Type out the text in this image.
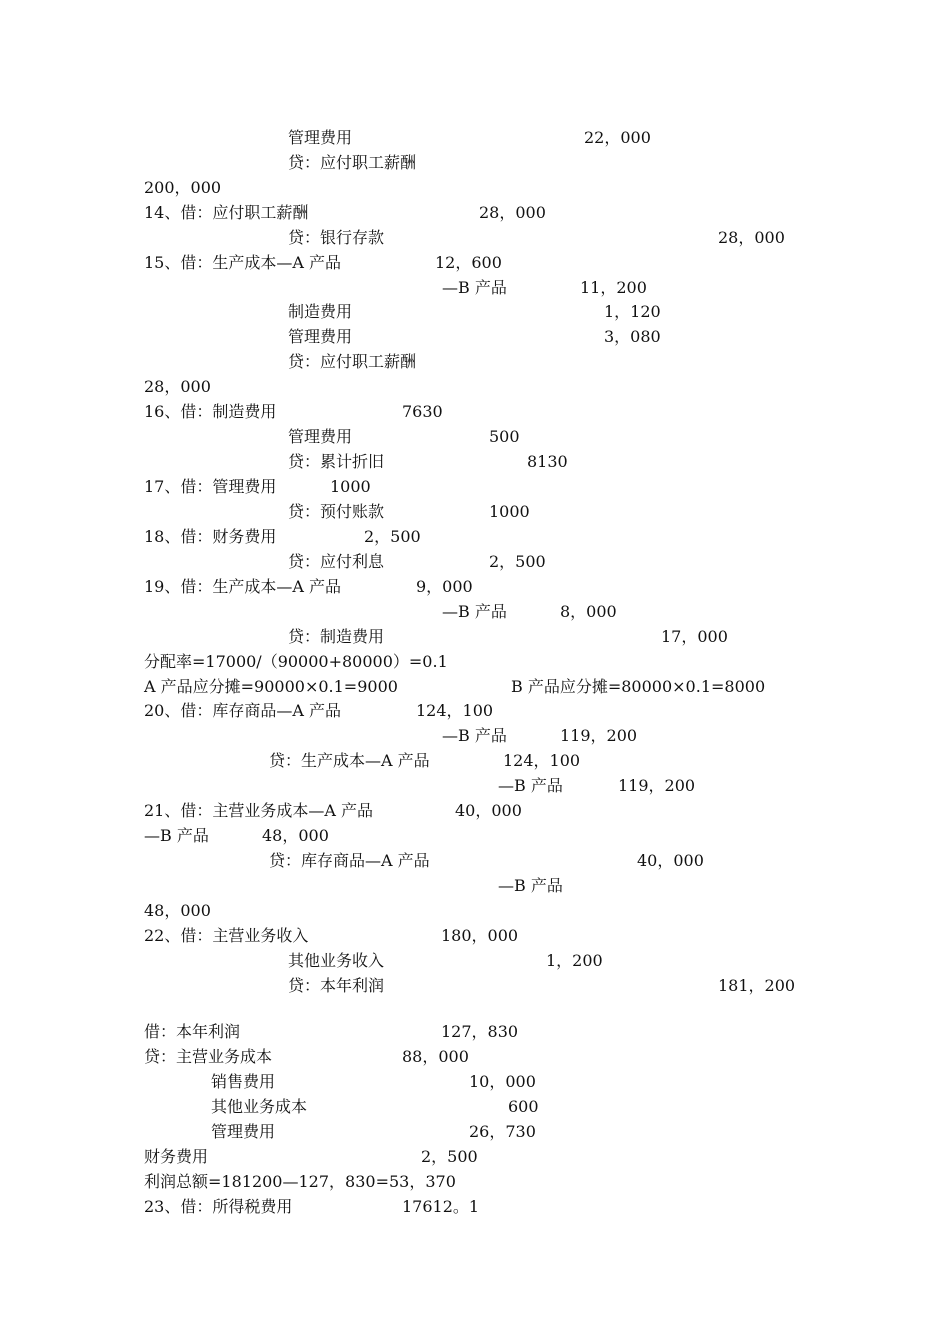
管理费用	22，000
贷：应付职工薪酬
200，000
14、借：应付职工薪酬	28，000
贷：银行存款	28，000
15、借：生产成本—A 产品	12，600
—B 产品	11，200
制造费用	1，120
管理费用	3，080
贷：应付职工薪酬
28，000
16、借：制造费用	7630
管理费用	500
贷：累计折旧	8130
17、借：管理费用	1000
贷：预付账款	1000
18、借：财务费用	2，500
贷：应付利息	2，500
19、借：生产成本—A 产品	9，000
—B 产品	8，000
贷：制造费用	17，000
分配率=17000/（90000+80000）=0.1
A 产品应分摊=90000×0.1=9000	B 产品应分摊=80000×0.1=8000
20、借：库存商品—A 产品	124，100
—B 产品	119，200
贷：生产成本—A 产品	124，100
—B 产品	119，200
21、借：主营业务成本—A 产品	40，000
—B 产品	48，000
贷：库存商品—A 产品	40，000
—B 产品
48，000
22、借：主营业务收入	180，000
其他业务收入	1，200
贷：本年利润	181，200
借：本年利润	127，830
贷：主营业务成本	88，000
销售费用	10，000
其他业务成本	600
管理费用	26，730
财务费用	2，500
利润总额=181200—127，830=53，370
23、借：所得税费用	17612。1
